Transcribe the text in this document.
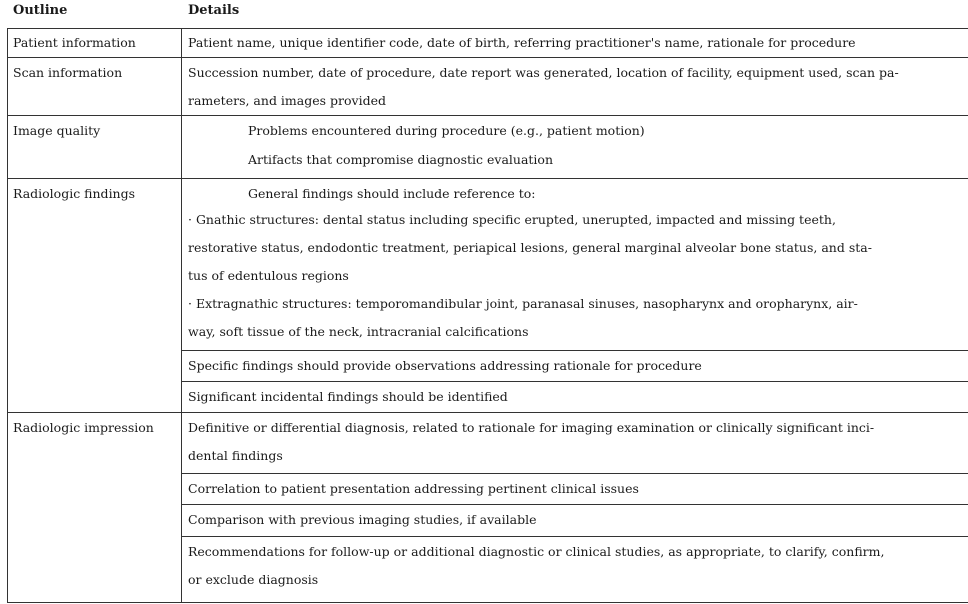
Outline	Details
Patient information	Patient name, unique identifier code, date of birth, referring practitioner's name, rationale for procedure
Scan information	Succession number, date of procedure, date report was generated, location of facility, equipment used, scan pa-
rameters, and images provided
Image quality	Problems encountered during procedure (e.g., patient motion)
Artifacts that compromise diagnostic evaluation
Radiologic findings	General findings should include reference to:
· Gnathic structures: dental status including specific erupted, unerupted, impacted and missing teeth,
restorative status, endodontic treatment, periapical lesions, general marginal alveolar bone status, and sta-
tus of edentulous regions
· Extragnathic structures: temporomandibular joint, paranasal sinuses, nasopharynx and oropharynx, air-
way, soft tissue of the neck, intracranial calcifications
Specific findings should provide observations addressing rationale for procedure
Significant incidental findings should be identified
Radiologic impression	Definitive or differential diagnosis, related to rationale for imaging examination or clinically significant inci-
dental findings
Correlation to patient presentation addressing pertinent clinical issues
Comparison with previous imaging studies, if available
Recommendations for follow-up or additional diagnostic or clinical studies, as appropriate, to clarify, confirm,
or exclude diagnosis
